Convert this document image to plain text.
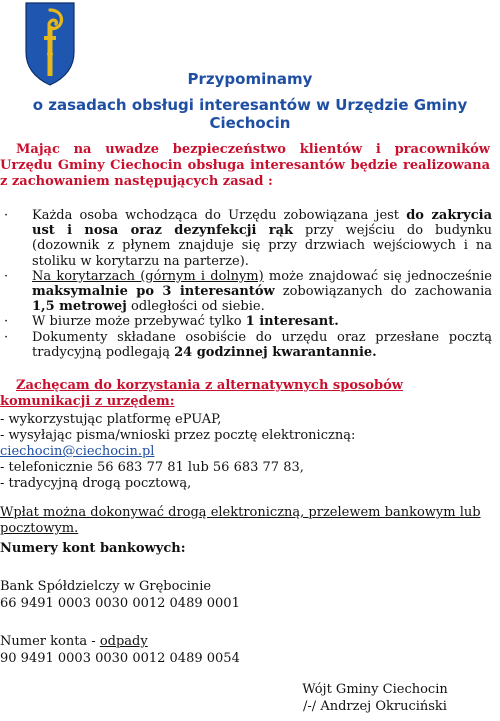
Przypominamy
o zasadach obsługi interesantów w Urzędzie Gminy Ciechocin
Mając na uwadze bezpieczeństwo klientów i pracowników Urzędu Gminy Ciechocin obsługa interesantów będzie realizowana z zachowaniem następujących zasad :
· Każda osoba wchodząca do Urzędu zobowiązana jest do zakrycia ust i nosa oraz dezynfekcji rąk przy wejściu do budynku (dozownik z płynem znajduje się przy drzwiach wejściowych i na stoliku w korytarzu na parterze).
· Na korytarzach (górnym i dolnym) może znajdować się jednocześnie maksymalnie po 3 interesantów zobowiązanych do zachowania 1,5 metrowej odległości od siebie.
· W biurze może przebywać tylko 1 interesant.
· Dokumenty składane osobiście do urzędu oraz przesłane pocztą tradycyjną podlegają 24 godzinnej kwarantannie.
Zachęcam do korzystania z alternatywnych sposobów komunikacji z urzędem:
- wykorzystując platformę ePUAP,
- wysyłając pisma/wnioski przez pocztę elektroniczną:
ciechocin@ciechocin.pl
- telefonicznie 56 683 77 81 lub 56 683 77 83,
- tradycyjną drogą pocztową,
Wpłat można dokonywać drogą elektroniczną, przelewem bankowym lub pocztowym.
Numery kont bankowych:
Bank Spółdzielczy w Grębocinie
66 9491 0003 0030 0012 0489 0001
Numer konta - odpady
90 9491 0003 0030 0012 0489 0054
Wójt Gminy Ciechocin
/-/ Andrzej Okruciński
